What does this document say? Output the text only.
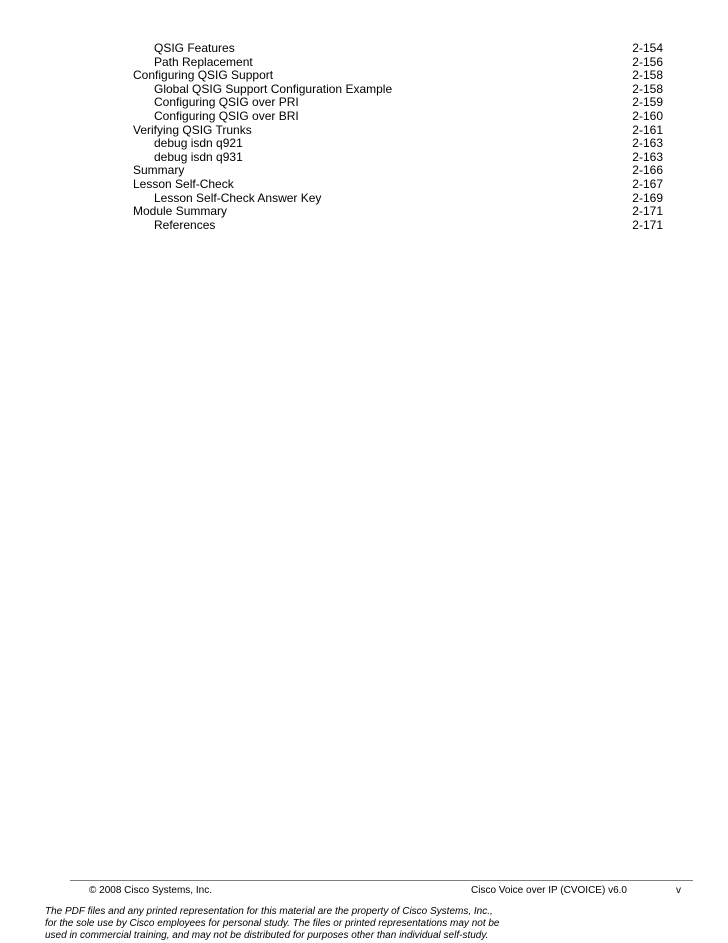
QSIG Features	2-154
Path Replacement	2-156
Configuring QSIG Support	2-158
Global QSIG Support Configuration Example	2-158
Configuring QSIG over PRI	2-159
Configuring QSIG over BRI	2-160
Verifying QSIG Trunks	2-161
debug isdn q921	2-163
debug isdn q931	2-163
Summary	2-166
Lesson Self-Check	2-167
Lesson Self-Check Answer Key	2-169
Module Summary	2-171
References	2-171
© 2008 Cisco Systems, Inc.	Cisco Voice over IP (CVOICE) v6.0	v
The PDF files and any printed representation for this material are the property of Cisco Systems, Inc.,
for the sole use by Cisco employees for personal study. The files or printed representations may not be
used in commercial training, and may not be distributed for purposes other than individual self-study.
